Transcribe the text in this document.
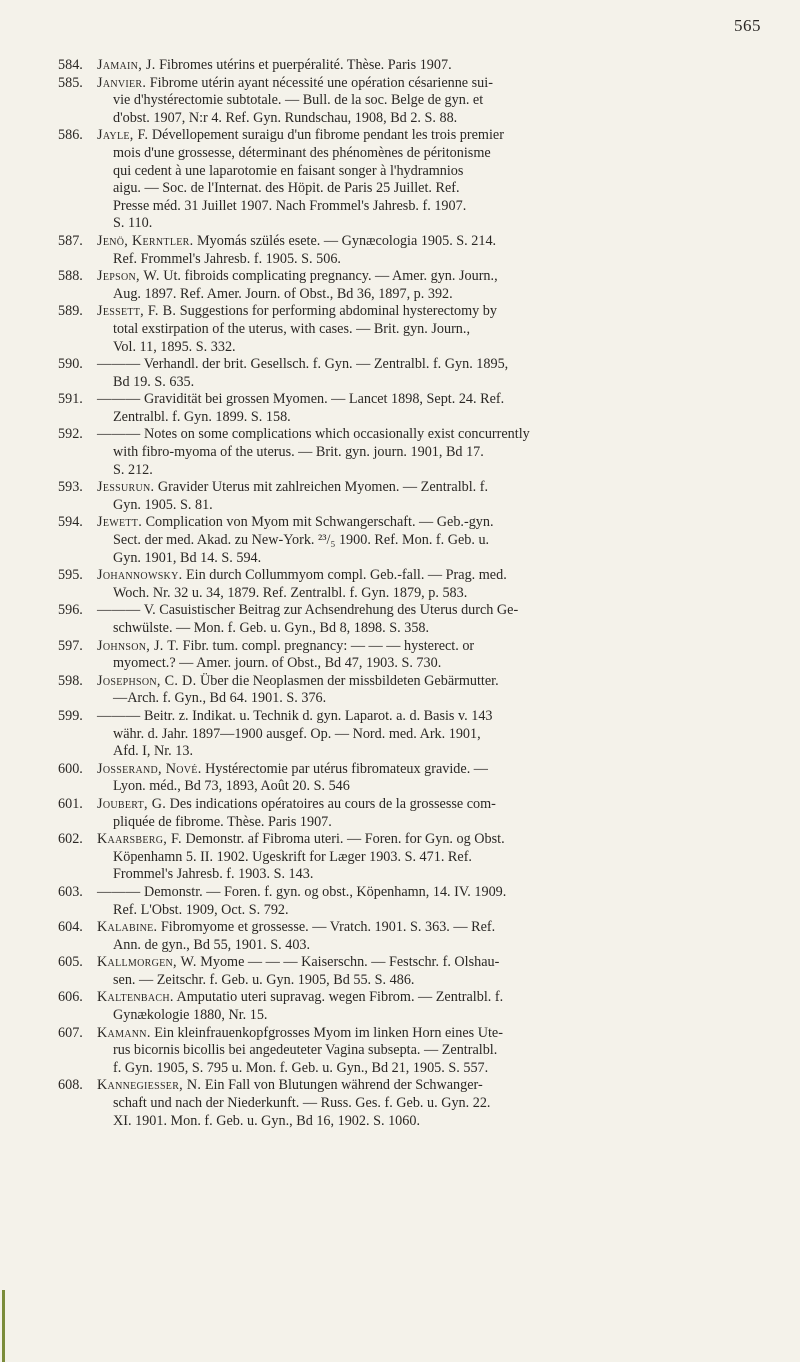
565
584. Jamain, J. Fibromes utérins et puerpéralité. Thèse. Paris 1907.
585. Janvier. Fibrome utérin ayant nécessité une opération césarienne sui-
vie d'hystérectomie subtotale. — Bull. de la soc. Belge de gyn. et
d'obst. 1907, N:r 4. Ref. Gyn. Rundschau, 1908, Bd 2. S. 88.
586. Jayle, F. Dévellopement suraigu d'un fibrome pendant les trois premier
mois d'une grossesse, déterminant des phénomènes de péritonisme
qui cedent à une laparotomie en faisant songer à l'hydramnios
aigu. — Soc. de l'Internat. des Höpit. de Paris 25 Juillet. Ref.
Presse méd. 31 Juillet 1907. Nach Frommel's Jahresb. f. 1907.
S. 110.
587. Jenö, Kerntler. Myomás szülés esete. — Gynæcologia 1905. S. 214.
Ref. Frommel's Jahresb. f. 1905. S. 506.
588. Jepson, W. Ut. fibroids complicating pregnancy. — Amer. gyn. Journ.,
Aug. 1897. Ref. Amer. Journ. of Obst., Bd 36, 1897, p. 392.
589. Jessett, F. B. Suggestions for performing abdominal hysterectomy by
total exstirpation of the uterus, with cases. — Brit. gyn. Journ.,
Vol. 11, 1895. S. 332.
590. ——— Verhandl. der brit. Gesellsch. f. Gyn. — Zentralbl. f. Gyn. 1895,
Bd 19. S. 635.
591. ——— Gravidität bei grossen Myomen. — Lancet 1898, Sept. 24. Ref.
Zentralbl. f. Gyn. 1899. S. 158.
592. ——— Notes on some complications which occasionally exist concurrently
with fibro-myoma of the uterus. — Brit. gyn. journ. 1901, Bd 17.
S. 212.
593. Jessurun. Gravider Uterus mit zahlreichen Myomen. — Zentralbl. f.
Gyn. 1905. S. 81.
594. Jewett. Complication von Myom mit Schwangerschaft. — Geb.-gyn.
Sect. der med. Akad. zu New-York. ²³/₅ 1900. Ref. Mon. f. Geb. u.
Gyn. 1901, Bd 14. S. 594.
595. Johannowsky. Ein durch Collummyom compl. Geb.-fall. — Prag. med.
Woch. Nr. 32 u. 34, 1879. Ref. Zentralbl. f. Gyn. 1879, p. 583.
596. ——— V. Casuistischer Beitrag zur Achsendrehung des Uterus durch Ge-
schwülste. — Mon. f. Geb. u. Gyn., Bd 8, 1898. S. 358.
597. Johnson, J. T. Fibr. tum. compl. pregnancy: — — — hysterect. or
myomect.? — Amer. journ. of Obst., Bd 47, 1903. S. 730.
598. Josephson, C. D. Über die Neoplasmen der missbildeten Gebärmutter.
—Arch. f. Gyn., Bd 64. 1901. S. 376.
599. ——— Beitr. z. Indikat. u. Technik d. gyn. Laparot. a. d. Basis v. 143
währ. d. Jahr. 1897—1900 ausgef. Op. — Nord. med. Ark. 1901,
Afd. I, Nr. 13.
600. Josserand, Nové. Hystérectomie par utérus fibromateux gravide. —
Lyon. méd., Bd 73, 1893, Août 20. S. 546
601. Joubert, G. Des indications opératoires au cours de la grossesse com-
pliquée de fibrome. Thèse. Paris 1907.
602. Kaarsberg, F. Demonstr. af Fibroma uteri. — Foren. for Gyn. og Obst.
Köpenhamn 5. II. 1902. Ugeskrift for Læger 1903. S. 471. Ref.
Frommel's Jahresb. f. 1903. S. 143.
603. ——— Demonstr. — Foren. f. gyn. og obst., Köpenhamn, 14. IV. 1909.
Ref. L'Obst. 1909, Oct. S. 792.
604. Kalabine. Fibromyome et grossesse. — Vratch. 1901. S. 363. — Ref.
Ann. de gyn., Bd 55, 1901. S. 403.
605. Kallmorgen, W. Myome — — — Kaiserschn. — Festschr. f. Olshau-
sen. — Zeitschr. f. Geb. u. Gyn. 1905, Bd 55. S. 486.
606. Kaltenbach. Amputatio uteri supravag. wegen Fibrom. — Zentralbl. f.
Gynækologie 1880, Nr. 15.
607. Kamann. Ein kleinfrauenkopfgrosses Myom im linken Horn eines Ute-
rus bicornis bicollis bei angedeuteter Vagina subsepta. — Zentralbl.
f. Gyn. 1905, S. 795 u. Mon. f. Geb. u. Gyn., Bd 21, 1905. S. 557.
608. Kannegiesser, N. Ein Fall von Blutungen während der Schwanger-
schaft und nach der Niederkunft. — Russ. Ges. f. Geb. u. Gyn. 22.
XI. 1901. Mon. f. Geb. u. Gyn., Bd 16, 1902. S. 1060.
